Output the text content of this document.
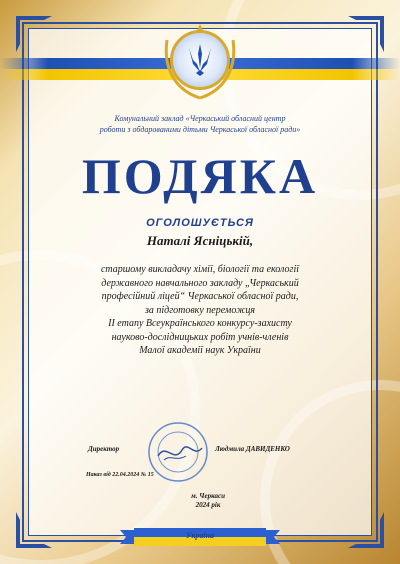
Комунальний заклад «Черкаський обласний центр
роботи з обдарованими дітьми Черкаської обласної ради»
ПОДЯКА
ОГОЛОШУЄТЬСЯ
Наталі Ясніцькій,
старшому викладачу хімії, біології та екології
державного навчального закладу „Черкаський
професійний ліцей“ Черкаської обласної ради,
за підготовку переможця
ІІ етапу Всеукраїнського конкурсу-захисту
науково-дослідницьких робіт учнів-членів
Малої академії наук України
Директор	Людмила ДАВИДЕНКО
Наказ від 22.04.2024 № 15
м. Черкаси
2024 рік
Україна
